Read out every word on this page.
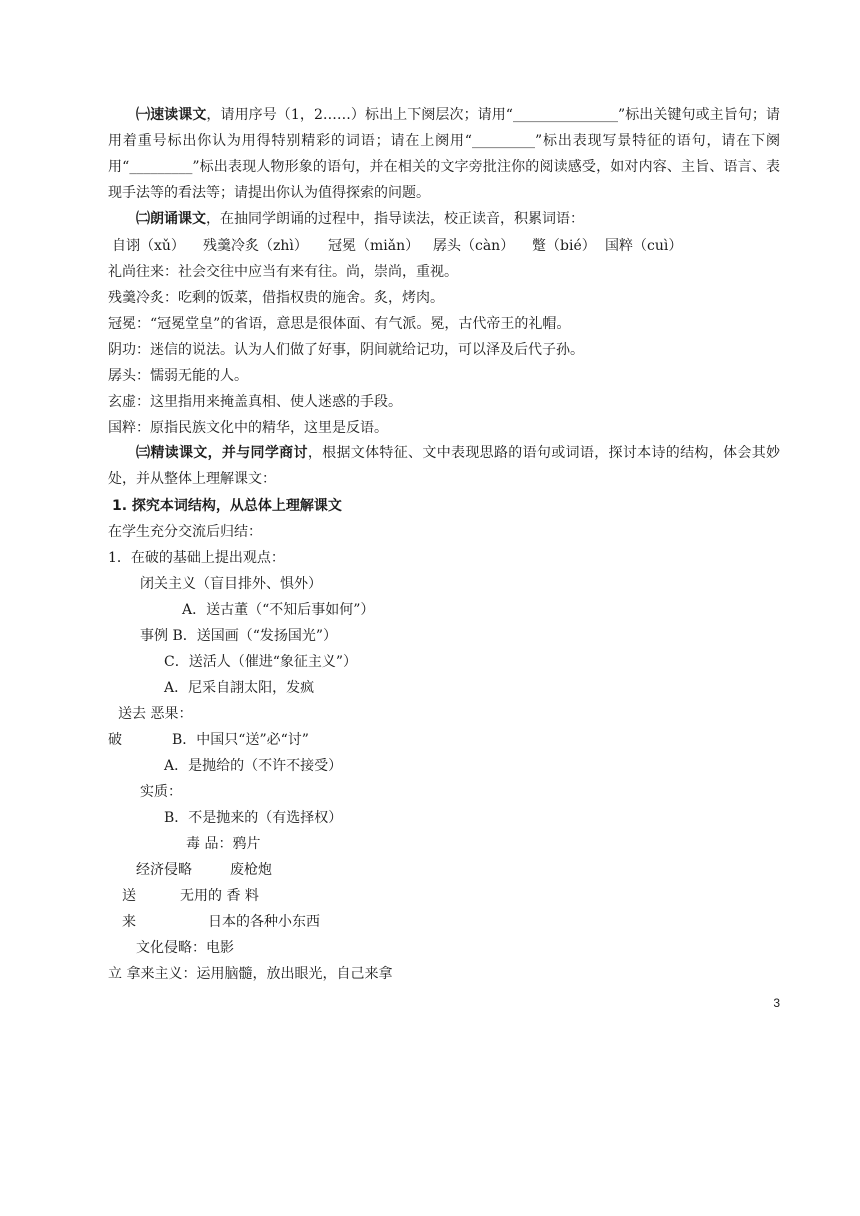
㈠速读课文，请用序号（1，2……）标出上下阕层次；请用“_______________”标出关键句或主旨句；请用着重号标出你认为用得特别精彩的词语；请在上阕用“_________”标出表现写景特征的语句，请在下阕用“_________”标出表现人物形象的语句，并在相关的文字旁批注你的阅读感受，如对内容、主旨、语言、表现手法等的看法等；请提出你认为值得探索的问题。
㈡朗诵课文，在抽同学朗诵的过程中，指导读法，校正读音，积累词语：
自诩（xǔ） 残羹冷炙（zhì） 冠冕（miǎn） 孱头（càn） 蹩（bié） 国粹（cuì）
礼尚往来：社会交往中应当有来有往。尚，崇尚，重视。
残羹冷炙：吃剩的饭菜，借指权贵的施舍。炙，烤肉。
冠冕：“冠冕堂皇”的省语，意思是很体面、有气派。冕，古代帝王的礼帽。
阴功：迷信的说法。认为人们做了好事，阴间就给记功，可以泽及后代子孙。
孱头：懦弱无能的人。
玄虚：这里指用来掩盖真相、使人迷惑的手段。
国粹：原指民族文化中的精华，这里是反语。
㈢精读课文，并与同学商讨，根据文体特征、文中表现思路的语句或词语，探讨本诗的结构，体会其妙处，并从整体上理解课文：
1. 探究本词结构，从总体上理解课文
在学生充分交流后归结：
1．在破的基础上提出观点：
闭关主义（盲目排外、惧外）
A．送古董（“不知后事如何”）
事例 B．送国画（“发扬国光”）
C．送活人（催进“象征主义”）
A．尼采自詡太阳，发疯
送去 恶果：
破	B．中国只“送”必“讨”
A．是抛给的（不许不接受）
实质：
B．不是抛来的（有选择权）
毒 品：鸦片
经济侵略	废枪炮
送	无用的 香 料
来	日本的各种小东西
文化侵略：电影
立 拿来主义：运用脑髓，放出眼光，自己来拿
3
